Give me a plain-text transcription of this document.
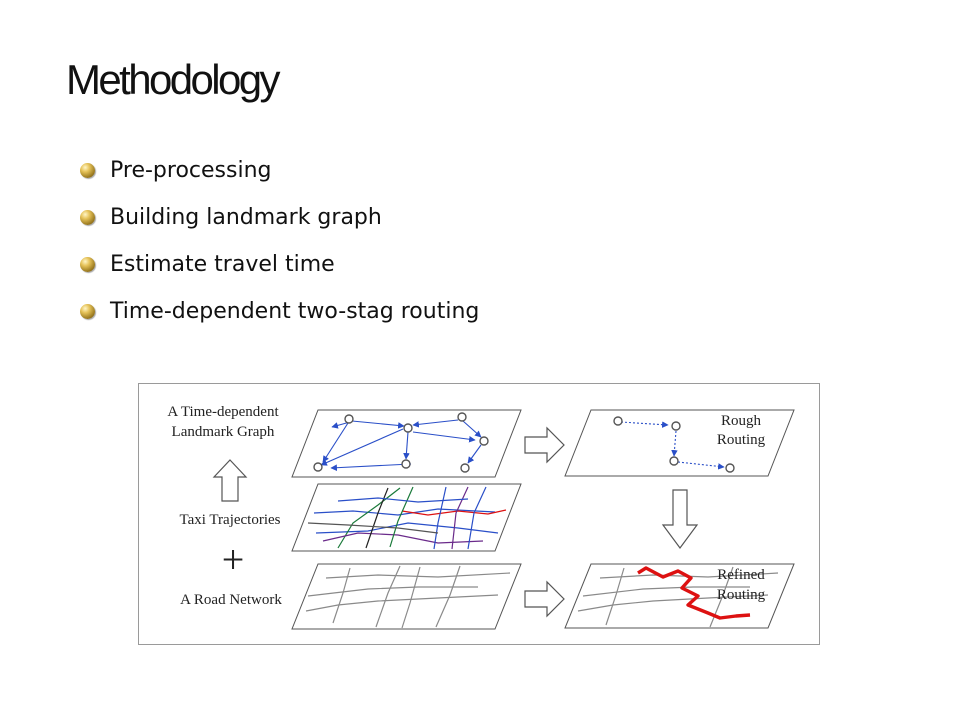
Methodology
Pre-processing
Building landmark graph
Estimate travel time
Time-dependent two-stag routing
A Time-dependent
Landmark Graph
Taxi Trajectories
+
A Road Network
Rough
Routing
Refined
Routing
